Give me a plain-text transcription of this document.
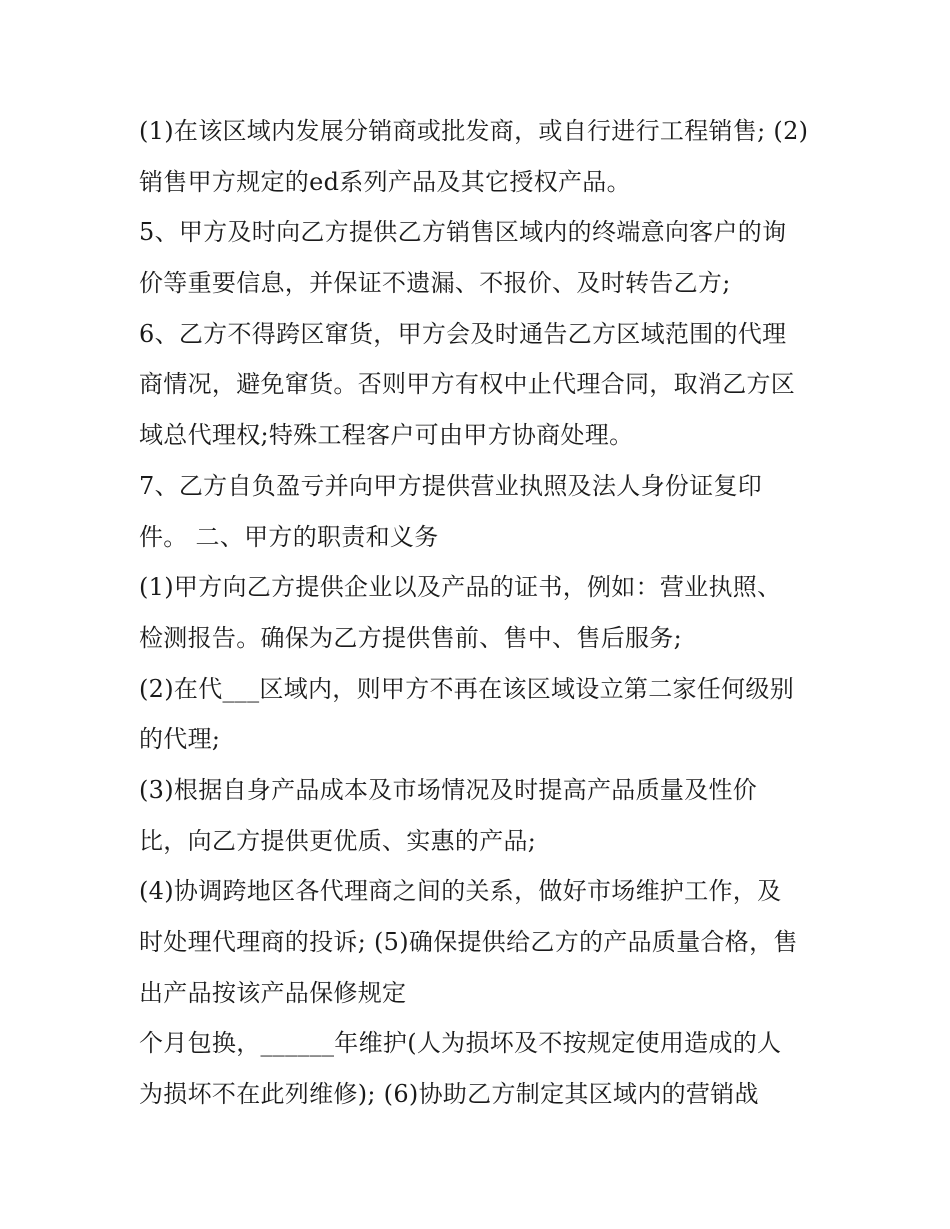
(1)在该区域内发展分销商或批发商，或自行进行工程销售; (2)
销售甲方规定的ed系列产品及其它授权产品。
5、甲方及时向乙方提供乙方销售区域内的终端意向客户的询
价等重要信息，并保证不遗漏、不报价、及时转告乙方;
6、乙方不得跨区窜货，甲方会及时通告乙方区域范围的代理
商情况，避免窜货。否则甲方有权中止代理合同，取消乙方区
域总代理权;特殊工程客户可由甲方协商处理。
7、乙方自负盈亏并向甲方提供营业执照及法人身份证复印
件。 二、甲方的职责和义务
(1)甲方向乙方提供企业以及产品的证书，例如：营业执照、
检测报告。确保为乙方提供售前、售中、售后服务;
(2)在代___区域内，则甲方不再在该区域设立第二家任何级别
的代理;
(3)根据自身产品成本及市场情况及时提高产品质量及性价
比，向乙方提供更优质、实惠的产品;
(4)协调跨地区各代理商之间的关系，做好市场维护工作，及
时处理代理商的投诉; (5)确保提供给乙方的产品质量合格，售
出产品按该产品保修规定
个月包换，______年维护(人为损坏及不按规定使用造成的人
为损坏不在此列维修); (6)协助乙方制定其区域内的营销战
